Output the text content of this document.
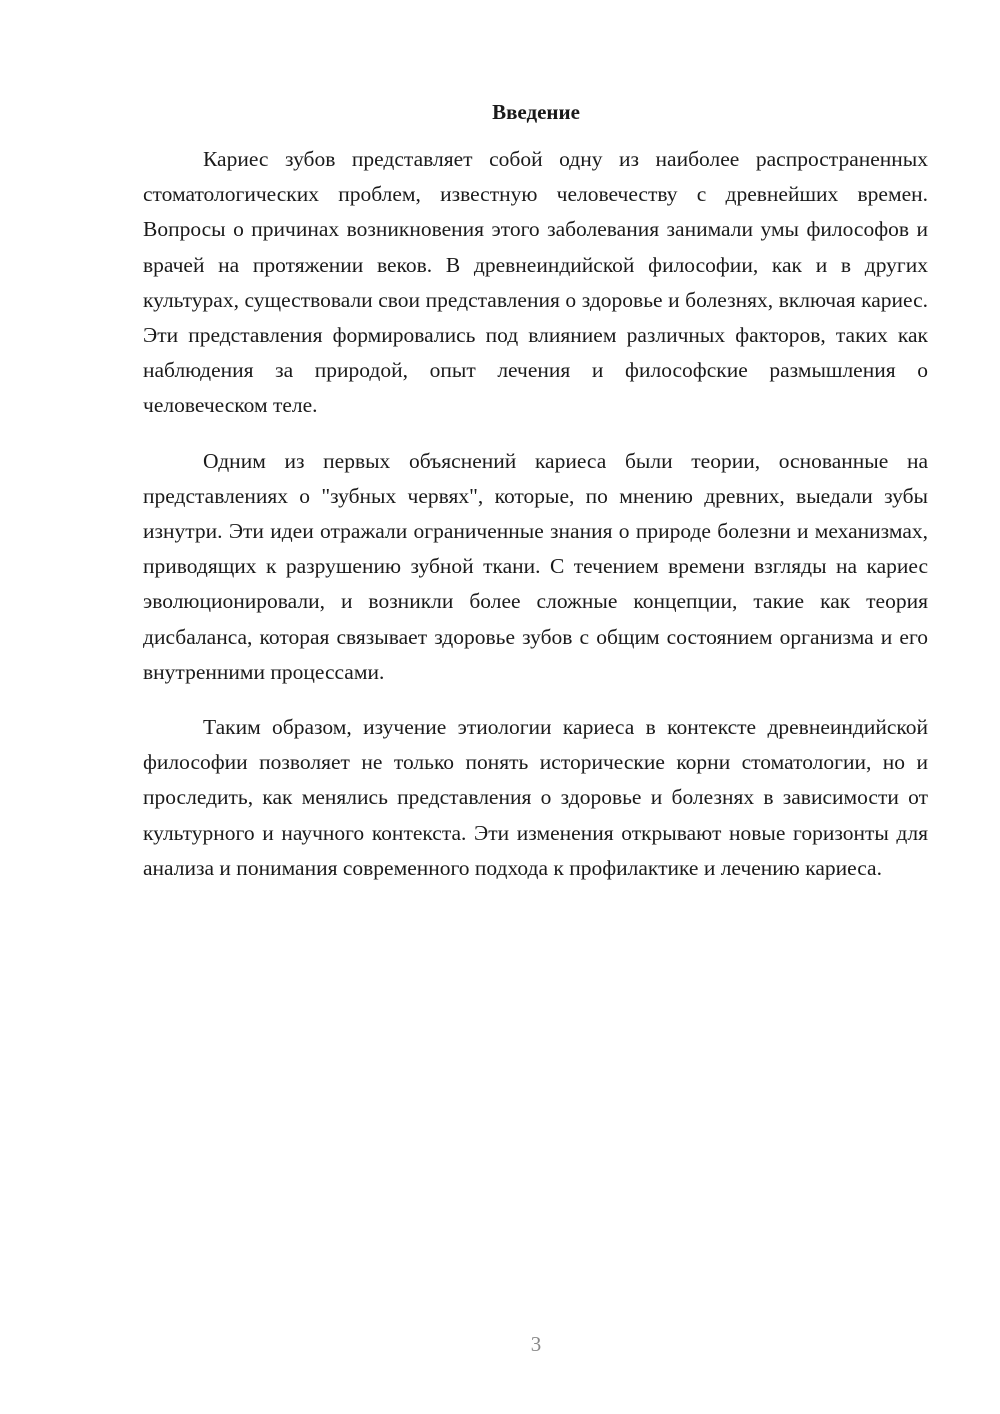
Введение

Кариес зубов представляет собой одну из наиболее распространенных стоматологических проблем, известную человечеству с древнейших времен. Вопросы о причинах возникновения этого заболевания занимали умы философов и врачей на протяжении веков. В древнеиндийской философии, как и в других культурах, существовали свои представления о здоровье и болезнях, включая кариес. Эти представления формировались под влиянием различных факторов, таких как наблюдения за природой, опыт лечения и философские размышления о человеческом теле.

Одним из первых объяснений кариеса были теории, основанные на представлениях о "зубных червях", которые, по мнению древних, выедали зубы изнутри. Эти идеи отражали ограниченные знания о природе болезни и механизмах, приводящих к разрушению зубной ткани. С течением времени взгляды на кариес эволюционировали, и возникли более сложные концепции, такие как теория дисбаланса, которая связывает здоровье зубов с общим состоянием организма и его внутренними процессами.

Таким образом, изучение этиологии кариеса в контексте древнеиндийской философии позволяет не только понять исторические корни стоматологии, но и проследить, как менялись представления о здоровье и болезнях в зависимости от культурного и научного контекста. Эти изменения открывают новые горизонты для анализа и понимания современного подхода к профилактике и лечению кариеса.

3
